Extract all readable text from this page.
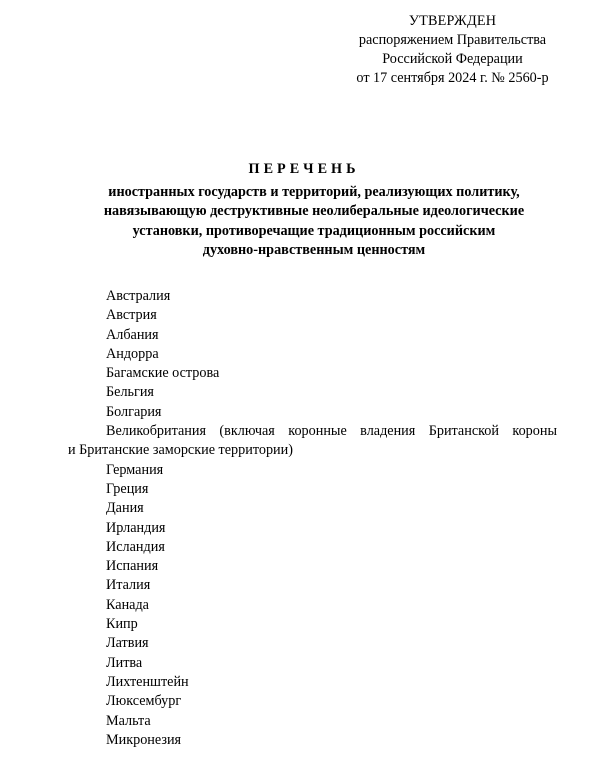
УТВЕРЖДЕН
распоряжением Правительства
Российской Федерации
от 17 сентября 2024 г. № 2560-р
ПЕРЕЧЕНЬ
иностранных государств и территорий, реализующих политику,
навязывающую деструктивные неолиберальные идеологические
установки, противоречащие традиционным российским
духовно-нравственным ценностям
Австралия
Австрия
Албания
Андорра
Багамские острова
Бельгия
Болгария
Великобритания (включая коронные владения Британской короны
и Британские заморские территории)
Германия
Греция
Дания
Ирландия
Исландия
Испания
Италия
Канада
Кипр
Латвия
Литва
Лихтенштейн
Люксембург
Мальта
Микронезия
